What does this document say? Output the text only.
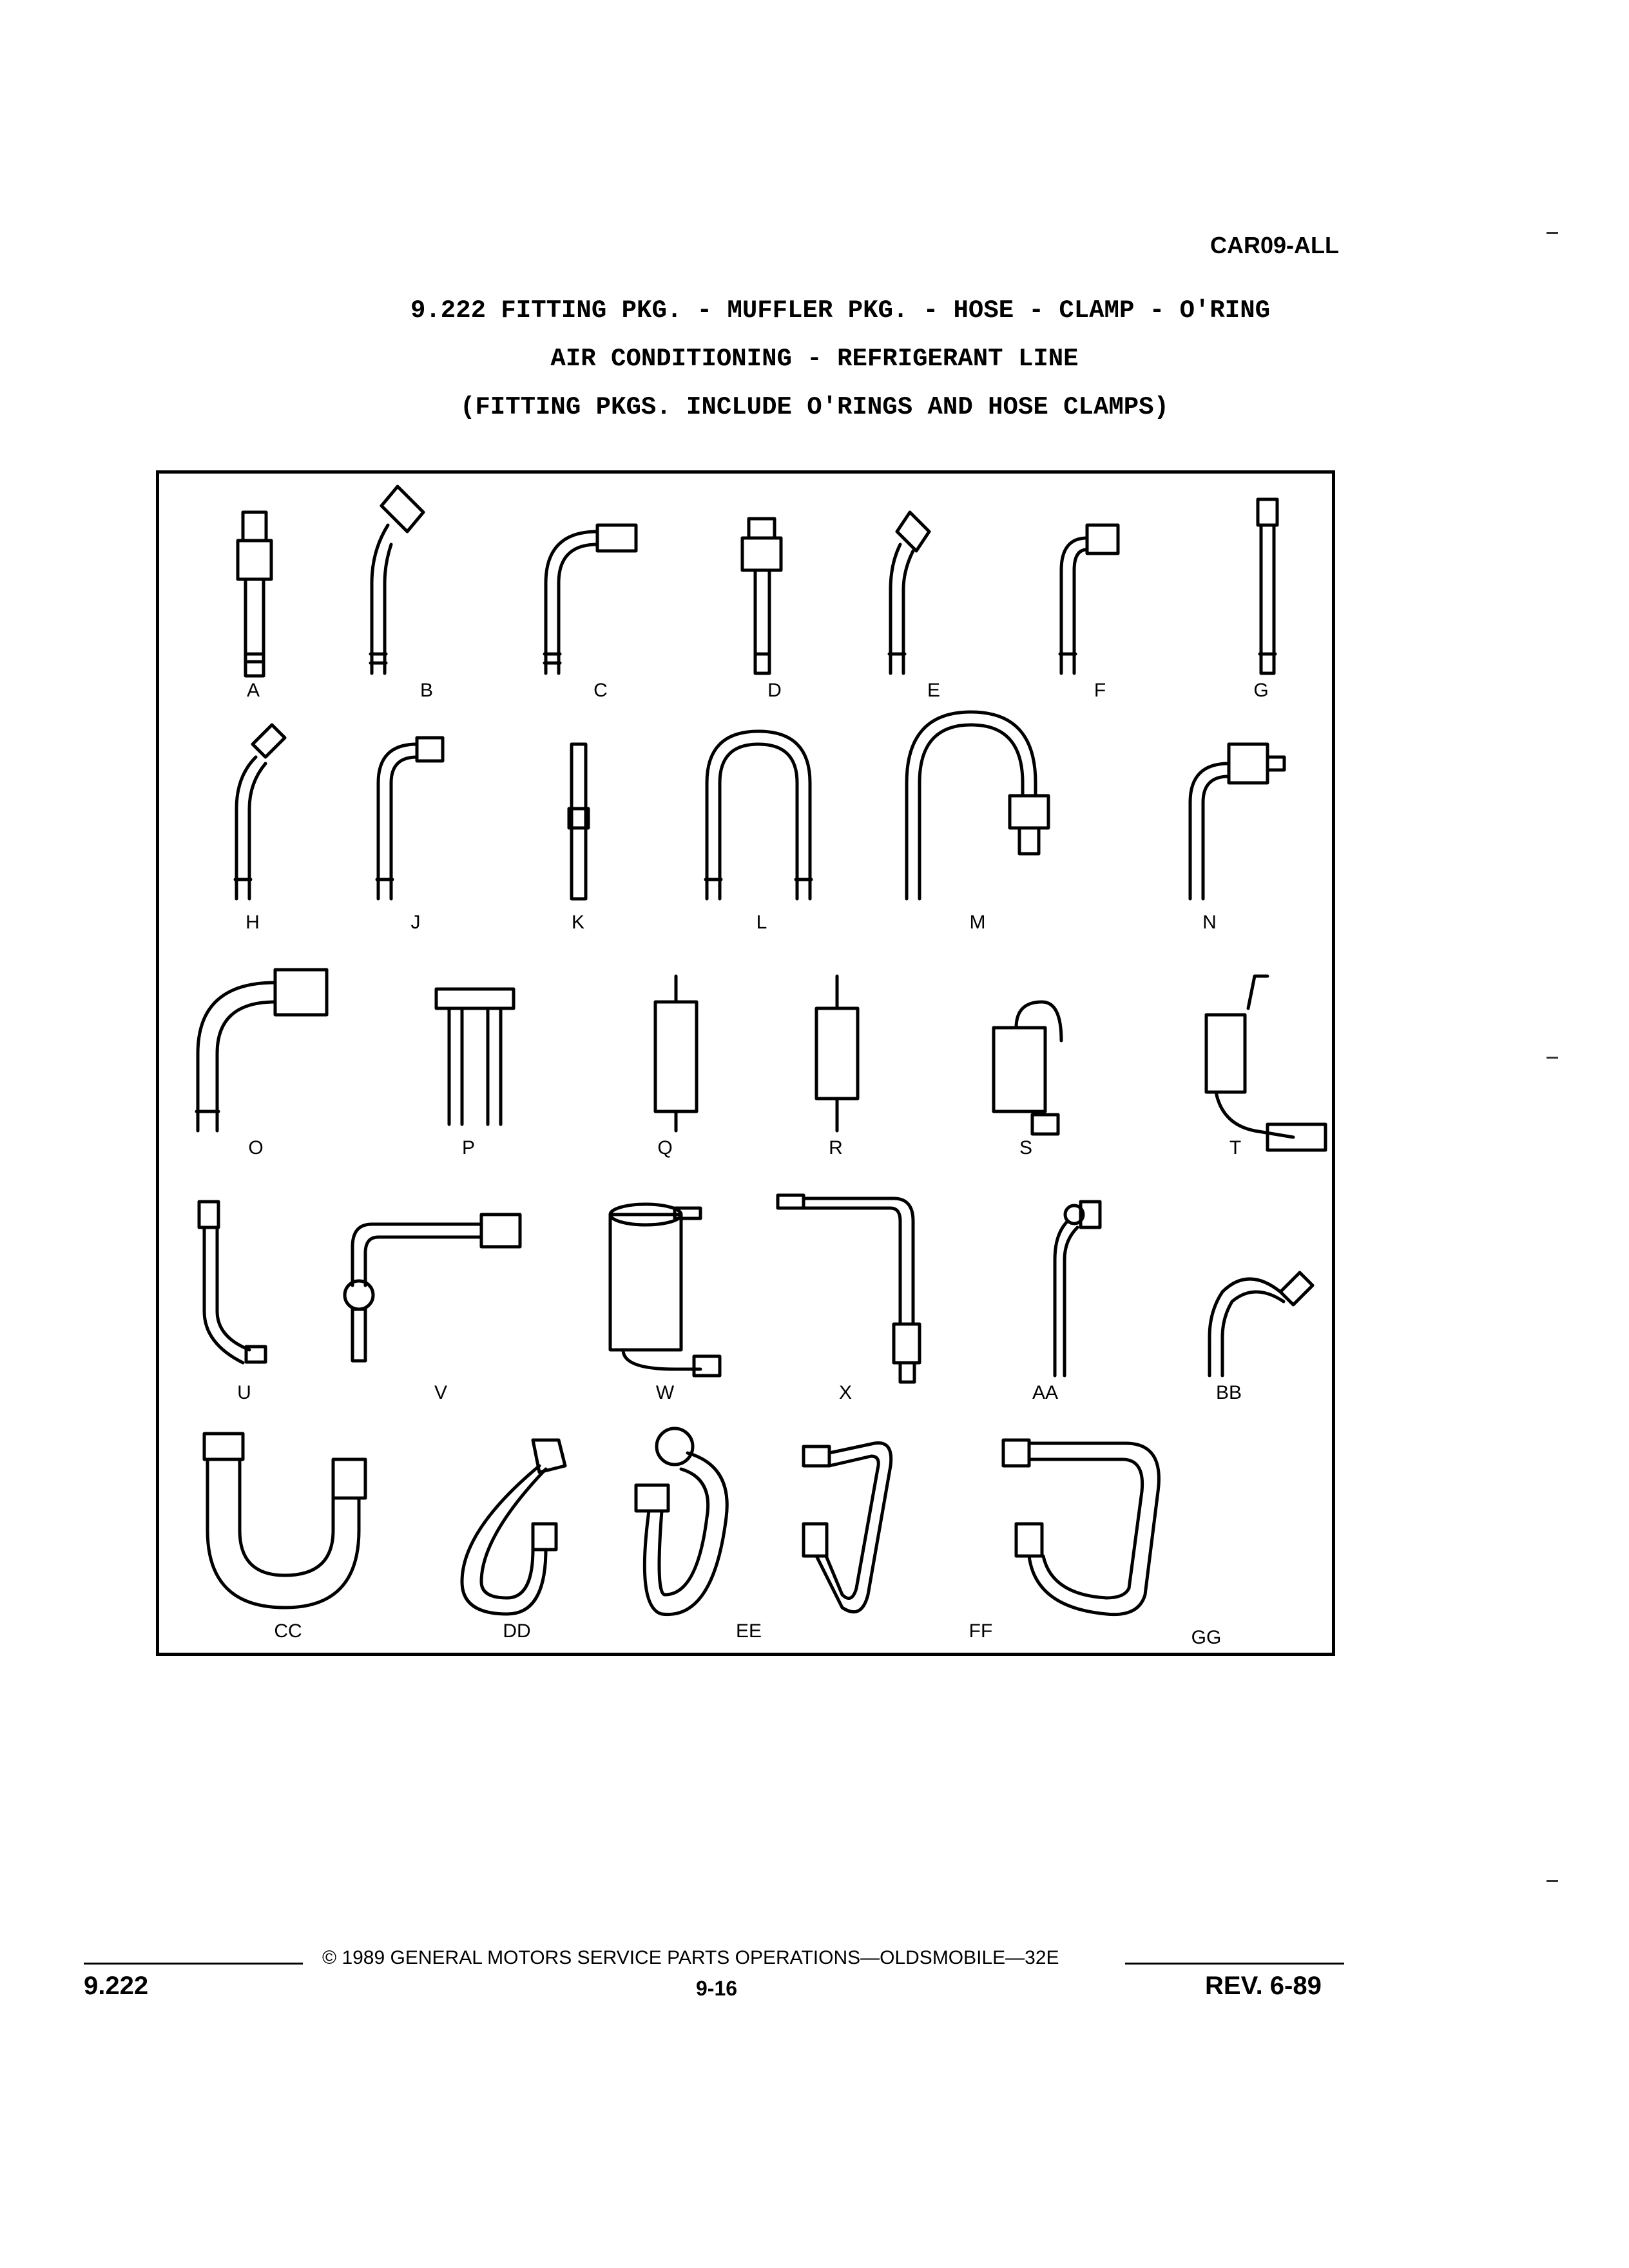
CAR09-ALL
9.222 FITTING PKG. - MUFFLER PKG. - HOSE - CLAMP - O'RING
AIR CONDITIONING - REFRIGERANT LINE
(FITTING PKGS. INCLUDE O'RINGS AND HOSE CLAMPS)
A	B	C	D	E	F	G
H	J	K	L	M	N
O	P	Q	R	S	T
U	V	W	X	AA	BB
CC	DD	EE	FF	GG
9.222
© 1989 GENERAL MOTORS SERVICE PARTS OPERATIONS—OLDSMOBILE—32E
9-16	REV. 6-89
